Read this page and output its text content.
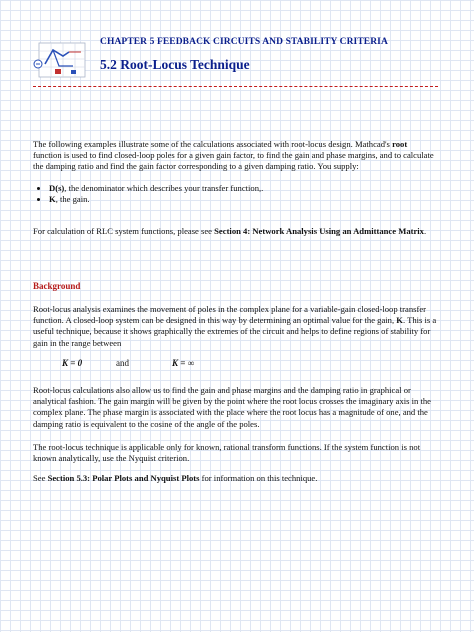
CHAPTER 5 FEEDBACK CIRCUITS AND STABILITY CRITERIA
5.2 Root-Locus Technique

The following examples illustrate some of the calculations associated with root-locus design. Mathcad's root function is used to find closed-loop poles for a given gain factor, to find the gain and phase margins, and to calculate the damping ratio and find the gain factor corresponding to a given damping ratio. You supply:

• D(s), the denominator which describes your transfer function,.
• K, the gain.

For calculation of RLC system functions, please see Section 4: Network Analysis Using an Admittance Matrix.

Background

Root-locus analysis examines the movement of poles in the complex plane for a variable-gain closed-loop transfer function. A closed-loop system can be designed in this way by determining an optimal value for the gain, K. This is a useful technique, because it shows graphically the extremes of the circuit and helps to define regions of stability for gain in the range between

K = 0	and	K = ∞

Root-locus calculations also allow us to find the gain and phase margins and the damping ratio in graphical or analytical fashion. The gain margin will be given by the point where the root locus crosses the imaginary axis in the complex plane. The phase margin is associated with the place where the root locus has a magnitude of one, and the damping ratio is equivalent to the cosine of the angle of the poles.

The root-locus technique is applicable only for known, rational transform functions. If the system function is not known analytically, use the Nyquist criterion.

See Section 5.3: Polar Plots and Nyquist Plots for information on this technique.
